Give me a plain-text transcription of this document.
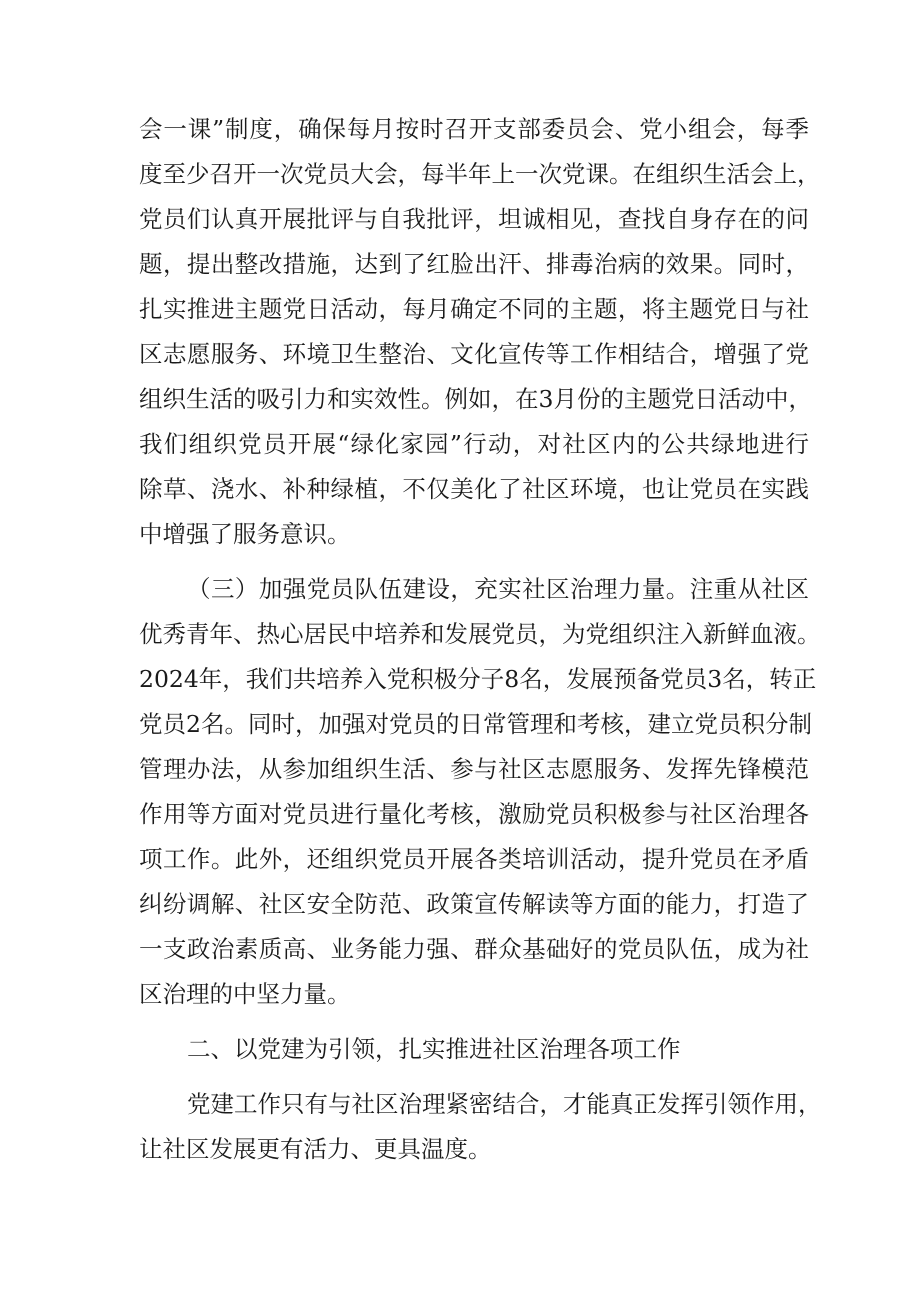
会一课”制度，确保每月按时召开支部委员会、党小组会，每季
度至少召开一次党员大会，每半年上一次党课。在组织生活会上，
党员们认真开展批评与自我批评，坦诚相见，查找自身存在的问
题，提出整改措施，达到了红脸出汗、排毒治病的效果。同时，
扎实推进主题党日活动，每月确定不同的主题，将主题党日与社
区志愿服务、环境卫生整治、文化宣传等工作相结合，增强了党
组织生活的吸引力和实效性。例如，在3月份的主题党日活动中，
我们组织党员开展“绿化家园”行动，对社区内的公共绿地进行
除草、浇水、补种绿植，不仅美化了社区环境，也让党员在实践
中增强了服务意识。
（三）加强党员队伍建设，充实社区治理力量。注重从社区
优秀青年、热心居民中培养和发展党员，为党组织注入新鲜血液。
2024年，我们共培养入党积极分子8名，发展预备党员3名，转正
党员2名。同时，加强对党员的日常管理和考核，建立党员积分制
管理办法，从参加组织生活、参与社区志愿服务、发挥先锋模范
作用等方面对党员进行量化考核，激励党员积极参与社区治理各
项工作。此外，还组织党员开展各类培训活动，提升党员在矛盾
纠纷调解、社区安全防范、政策宣传解读等方面的能力，打造了
一支政治素质高、业务能力强、群众基础好的党员队伍，成为社
区治理的中坚力量。
二、以党建为引领，扎实推进社区治理各项工作
党建工作只有与社区治理紧密结合，才能真正发挥引领作用，
让社区发展更有活力、更具温度。
